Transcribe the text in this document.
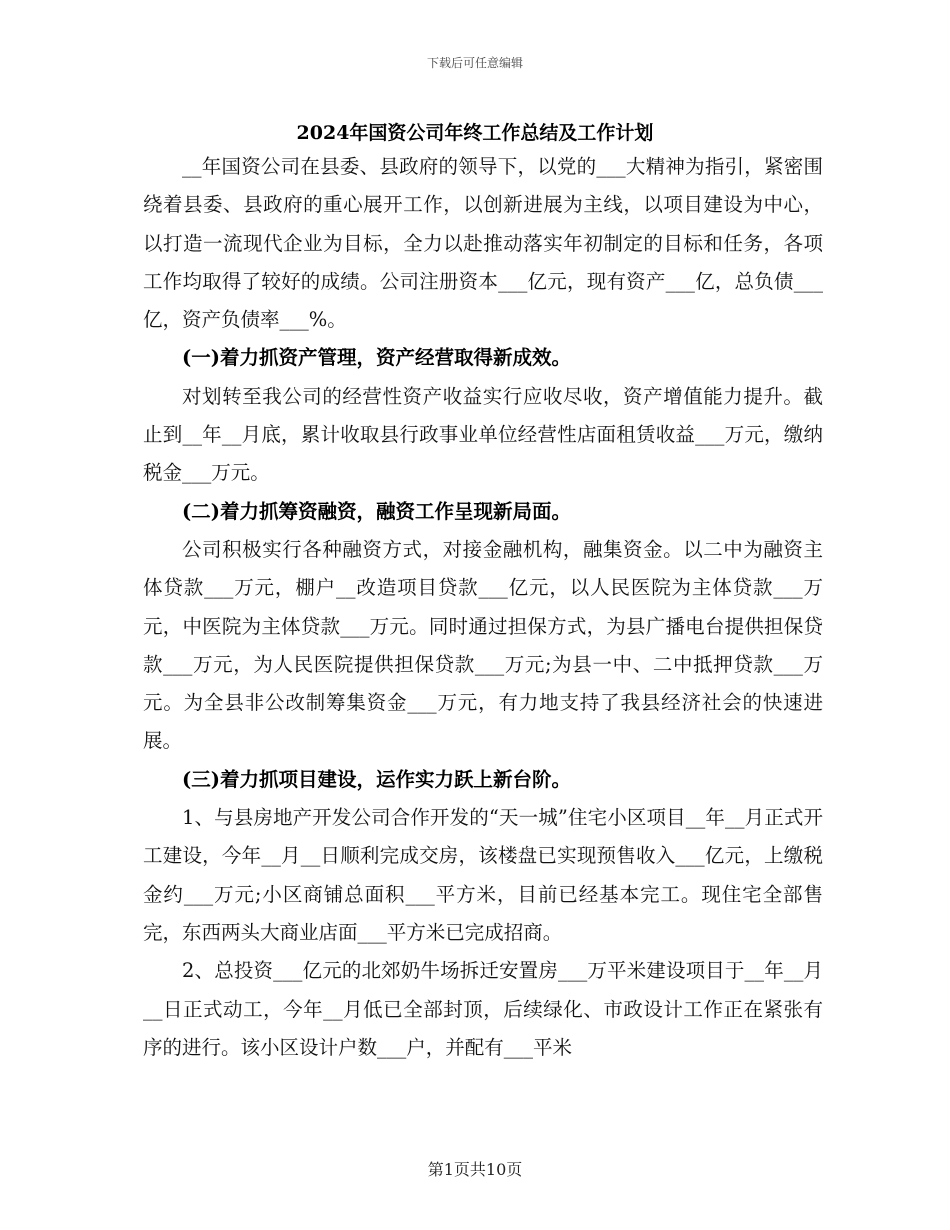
下载后可任意编辑
2024年国资公司年终工作总结及工作计划

__年国资公司在县委、县政府的领导下，以党的___大精神为指引，紧密围绕着县委、县政府的重心展开工作，以创新进展为主线，以项目建设为中心，以打造一流现代企业为目标，全力以赴推动落实年初制定的目标和任务，各项工作均取得了较好的成绩。公司注册资本___亿元，现有资产___亿，总负债___亿，资产负债率___%。

(一)着力抓资产管理，资产经营取得新成效。

对划转至我公司的经营性资产收益实行应收尽收，资产增值能力提升。截止到__年__月底，累计收取县行政事业单位经营性店面租赁收益___万元，缴纳税金___万元。

(二)着力抓筹资融资，融资工作呈现新局面。

公司积极实行各种融资方式，对接金融机构，融集资金。以二中为融资主体贷款___万元，棚户__改造项目贷款___亿元，以人民医院为主体贷款___万元，中医院为主体贷款___万元。同时通过担保方式，为县广播电台提供担保贷款___万元，为人民医院提供担保贷款___万元;为县一中、二中抵押贷款___万元。为全县非公改制筹集资金___万元，有力地支持了我县经济社会的快速进展。

(三)着力抓项目建设，运作实力跃上新台阶。

1、与县房地产开发公司合作开发的“天一城”住宅小区项目__年__月正式开工建设，今年__月__日顺利完成交房，该楼盘已实现预售收入___亿元，上缴税金约___万元;小区商铺总面积___平方米，目前已经基本完工。现住宅全部售完，东西两头大商业店面___平方米已完成招商。

2、总投资___亿元的北郊奶牛场拆迁安置房___万平米建设项目于__年__月__日正式动工，今年__月低已全部封顶，后续绿化、市政设计工作正在紧张有序的进行。该小区设计户数___户，并配有___平米

第1页共10页
